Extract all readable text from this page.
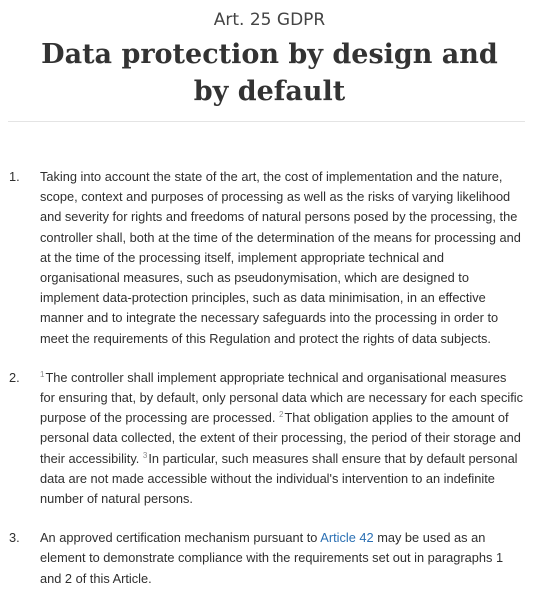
Art. 25 GDPR

Data protection by design and by default
1. Taking into account the state of the art, the cost of implementation and the nature, scope, context and purposes of processing as well as the risks of varying likelihood and severity for rights and freedoms of natural persons posed by the processing, the controller shall, both at the time of the determination of the means for processing and at the time of the processing itself, implement appropriate technical and organisational measures, such as pseudonymisation, which are designed to implement data-protection principles, such as data minimisation, in an effective manner and to integrate the necessary safeguards into the processing in order to meet the requirements of this Regulation and protect the rights of data subjects.
2.	$^1$The controller shall implement appropriate technical and organisational measures for ensuring that, by default, only personal data which are necessary for each specific purpose of the processing are processed. $^2$That obligation applies to the amount of personal data collected, the extent of their processing, the period of their storage and their accessibility. $^3$In particular, such measures shall ensure that by default personal data are not made accessible without the individual's intervention to an indefinite number of natural persons.
3. An approved certification mechanism pursuant to Article 42 may be used as an element to demonstrate compliance with the requirements set out in paragraphs 1 and 2 of this Article.
